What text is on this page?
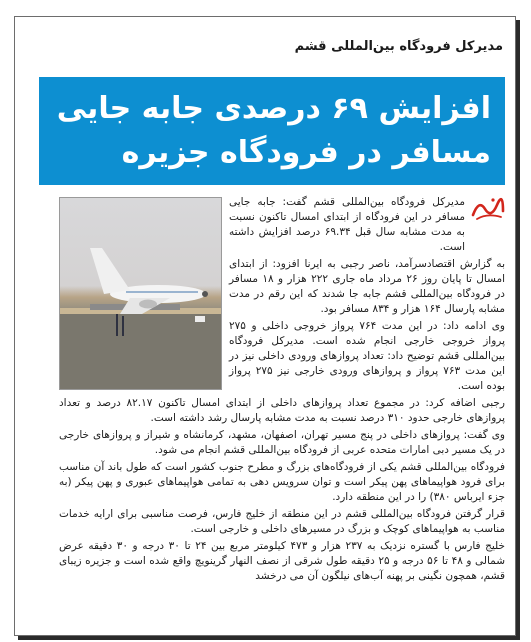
مدیرکل فرودگاه بین‌المللی قشم
افزایش ۶۹ درصدی جابه جایی مسافر در فرودگاه جزیره قشم

مدیرکل فرودگاه بین‌المللی قشم گفت: جابه جایی مسافر در این فرودگاه از ابتدای امسال تاکنون نسبت به مدت مشابه سال قبل ۶۹.۳۴ درصد افزایش داشته است.

به گزارش اقتصادسرآمد، ناصر رجبی به ایرنا افزود: از ابتدای امسال تا پایان روز ۲۶ مرداد ماه جاری ۲۲۲ هزار و ۱۸ مسافر در فرودگاه بین‌المللی قشم جابه جا شدند که این رقم در مدت مشابه پارسال ۱۶۴ هزار و ۸۳۴ مسافر بود.

وی ادامه داد: در این مدت ۷۶۴ پرواز خروجی داخلی و ۲۷۵ پرواز خروجی خارجی انجام شده است. مدیرکل فرودگاه بین‌المللی قشم توضیح داد: تعداد پروازهای ورودی داخلی نیز در این مدت ۷۶۳ پرواز و پروازهای ورودی خارجی نیز ۲۷۵ پرواز بوده است.

رجبی اضافه کرد: در مجموع تعداد پروازهای داخلی از ابتدای امسال تاکنون ۸۲.۱۷ درصد و تعداد پروازهای خارجی حدود ۳۱۰ درصد نسبت به مدت مشابه پارسال رشد داشته است.

وی گفت: پروازهای داخلی در پنج مسیر تهران، اصفهان، مشهد، کرمانشاه و شیراز و پروازهای خارجی در یک مسیر دبی امارات متحده عربی از فرودگاه بین‌المللی قشم انجام می شود.

فرودگاه بین‌المللی قشم یکی از فرودگاه‌های بزرگ و مطرح جنوب کشور است که طول باند آن مناسب برای فرود هواپیماهای پهن پیکر است و توان سرویس دهی به تمامی هواپیماهای عبوری و پهن پیکر (به جزء ایرباس ۳۸۰) را در این منطقه دارد.

قرار گرفتن فرودگاه بین‌المللی قشم در این منطقه از خلیج فارس، فرصت مناسبی برای ارایه خدمات مناسب به هواپیماهای کوچک و بزرگ در مسیرهای داخلی و خارجی است.

خلیج فارس با گستره نزدیک به ۲۳۷ هزار و ۴۷۳ کیلومتر مربع بین ۲۴ تا ۳۰ درجه و ۳۰ دقیقه عرض شمالی و ۴۸ تا ۵۶ درجه و ۲۵ دقیقه طول شرقی از نصف النهار گرینویچ واقع شده است و جزیره زیبای قشم، همچون نگینی بر پهنه آب‌های نیلگون آن می درخشد
